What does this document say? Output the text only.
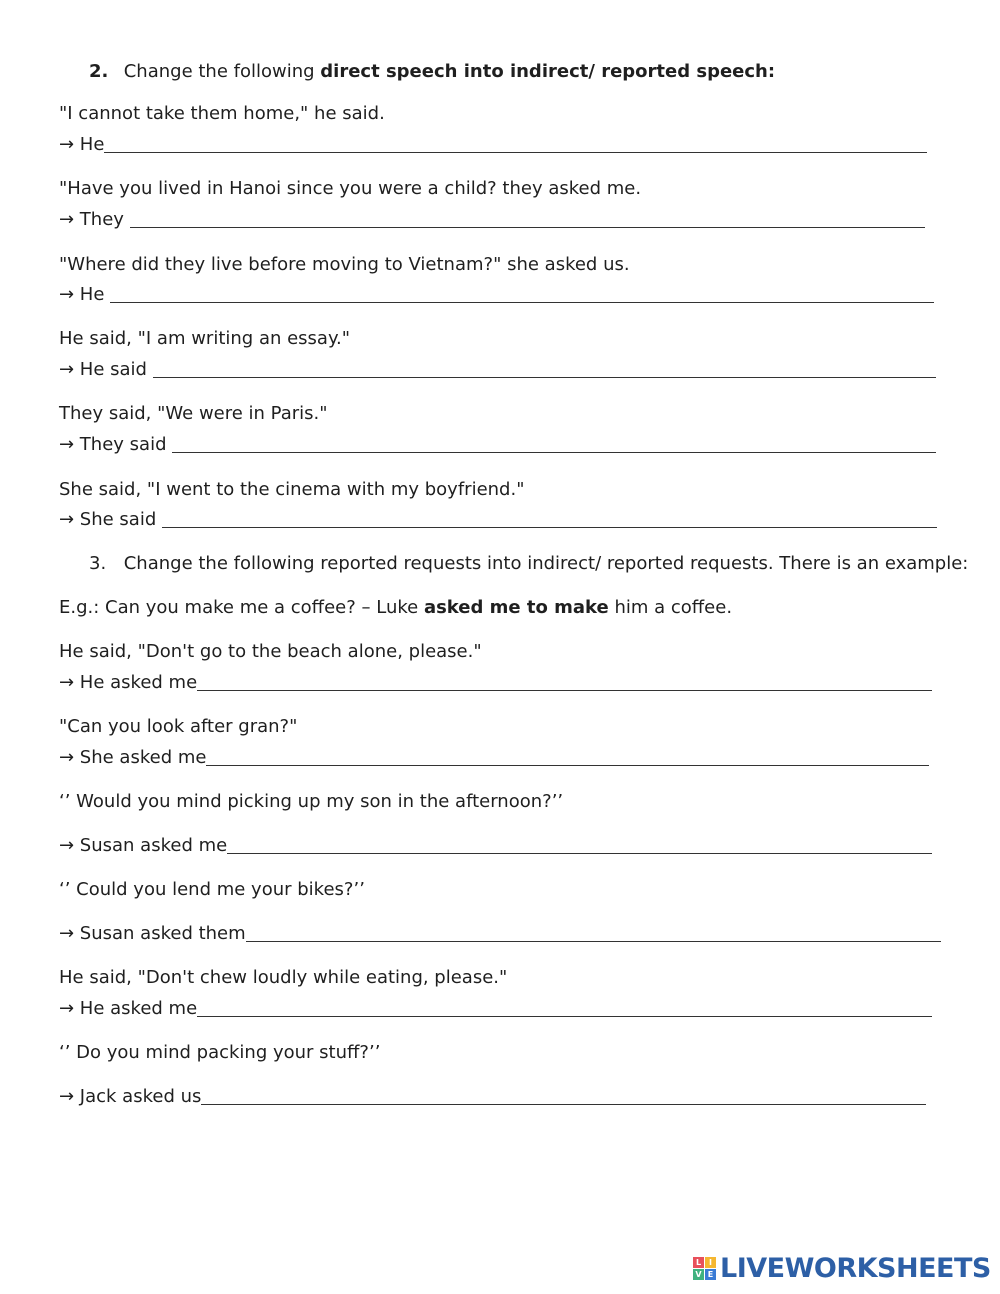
2. Change the following direct speech into indirect/ reported speech:
"I cannot take them home," he said.
→ He
"Have you lived in Hanoi since you were a child? they asked me.
→ They
"Where did they live before moving to Vietnam?" she asked us.
→ He
He said, "I am writing an essay."
→ He said
They said, "We were in Paris."
→ They said
She said, "I went to the cinema with my boyfriend."
→ She said
3. Change the following reported requests into indirect/ reported requests. There is an example:
E.g.: Can you make me a coffee? – Luke asked me to make him a coffee.
He said, "Don't go to the beach alone, please."
→ He asked me
"Can you look after gran?"
→ She asked me
‘’ Would you mind picking up my son in the afternoon?’’
→ Susan asked me
‘’ Could you lend me your bikes?’’
→ Susan asked them
He said, "Don't chew loudly while eating, please."
→ He asked me
‘’ Do you mind packing your stuff?’’
→ Jack asked us
L I
V E LIVEWORKSHEETS
